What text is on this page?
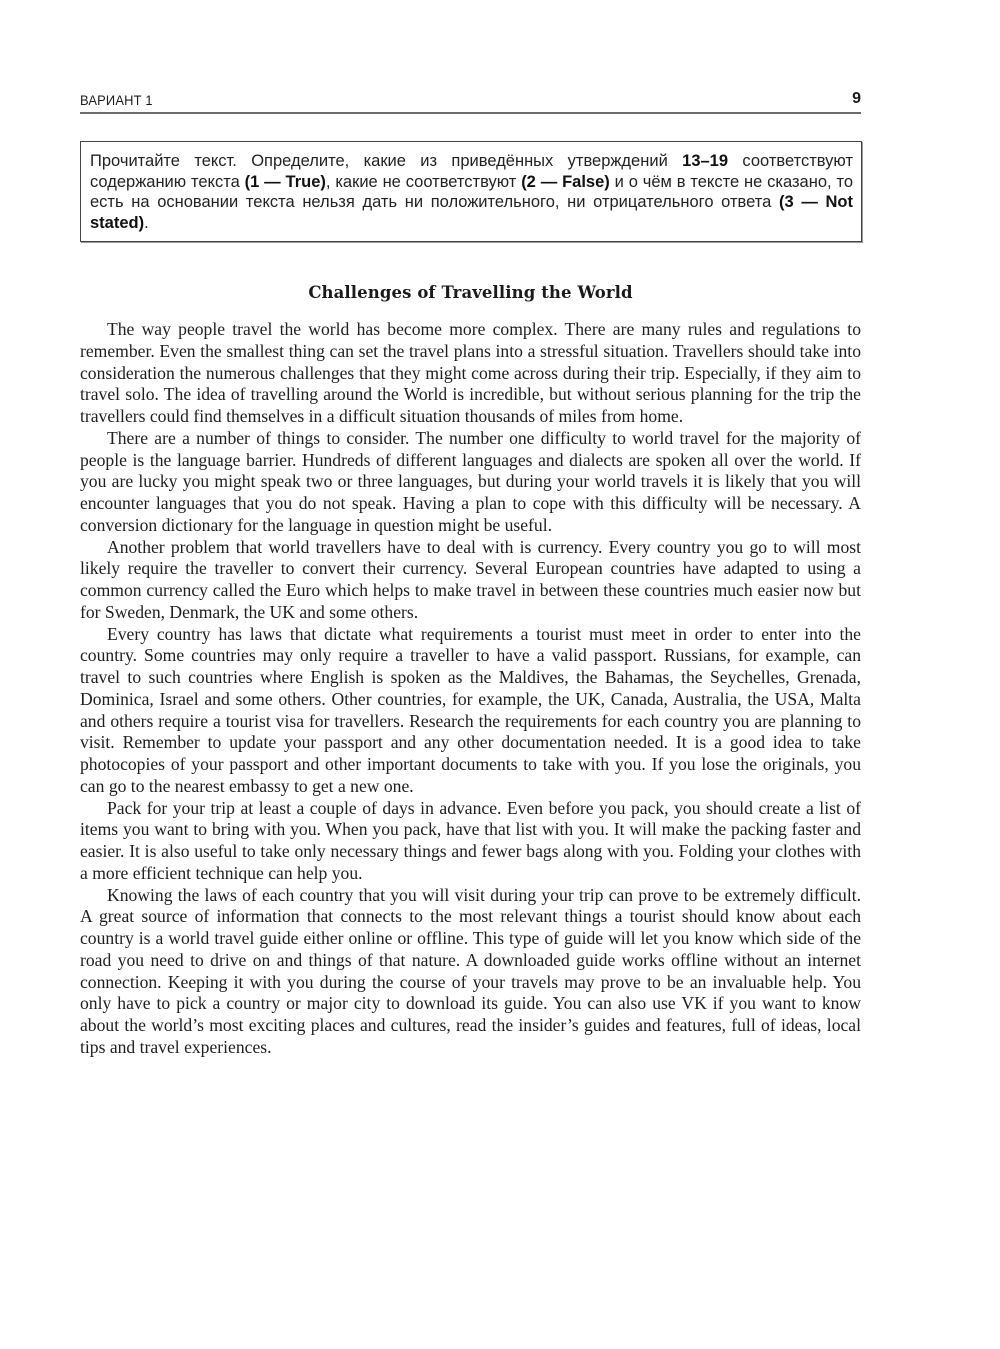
ВАРИАНТ 1	9
Прочитайте текст. Определите, какие из приведённых утверждений 13–19 соответствуют содержанию текста (1 — True), какие не соответствуют (2 — False) и о чём в тексте не сказано, то есть на основании текста нельзя дать ни положительного, ни отрицательного ответа (3 — Not stated).
Challenges of Travelling the World

The way people travel the world has become more complex. There are many rules and regulations to remember. Even the smallest thing can set the travel plans into a stressful situation. Travellers should take into consideration the numerous challenges that they might come across during their trip. Especially, if they aim to travel solo. The idea of travelling around the World is incredible, but without serious planning for the trip the travellers could find themselves in a difficult situation thousands of miles from home.

There are a number of things to consider. The number one difficulty to world travel for the majority of people is the language barrier. Hundreds of different languages and dialects are spoken all over the world. If you are lucky you might speak two or three languages, but during your world travels it is likely that you will encounter languages that you do not speak. Having a plan to cope with this difficulty will be necessary. A conversion dictionary for the language in question might be useful.

Another problem that world travellers have to deal with is currency. Every country you go to will most likely require the traveller to convert their currency. Several European countries have adapted to using a common currency called the Euro which helps to make travel in between these countries much easier now but for Sweden, Denmark, the UK and some others.

Every country has laws that dictate what requirements a tourist must meet in order to enter into the country. Some countries may only require a traveller to have a valid passport. Russians, for example, can travel to such countries where English is spoken as the Maldives, the Bahamas, the Seychelles, Grenada, Dominica, Israel and some others. Other countries, for example, the UK, Canada, Australia, the USA, Malta and others require a tourist visa for travellers. Research the requirements for each country you are planning to visit. Remember to update your passport and any other documentation needed. It is a good idea to take photocopies of your passport and other important documents to take with you. If you lose the originals, you can go to the nearest embassy to get a new one.

Pack for your trip at least a couple of days in advance. Even before you pack, you should create a list of items you want to bring with you. When you pack, have that list with you. It will make the packing faster and easier. It is also useful to take only necessary things and fewer bags along with you. Folding your clothes with a more efficient technique can help you.

Knowing the laws of each country that you will visit during your trip can prove to be extremely difficult. A great source of information that connects to the most relevant things a tourist should know about each country is a world travel guide either online or offline. This type of guide will let you know which side of the road you need to drive on and things of that nature. A downloaded guide works offline without an internet connection. Keeping it with you during the course of your travels may prove to be an invaluable help. You only have to pick a country or major city to download its guide. You can also use VK if you want to know about the world’s most exciting places and cultures, read the insider’s guides and features, full of ideas, local tips and travel experiences.
